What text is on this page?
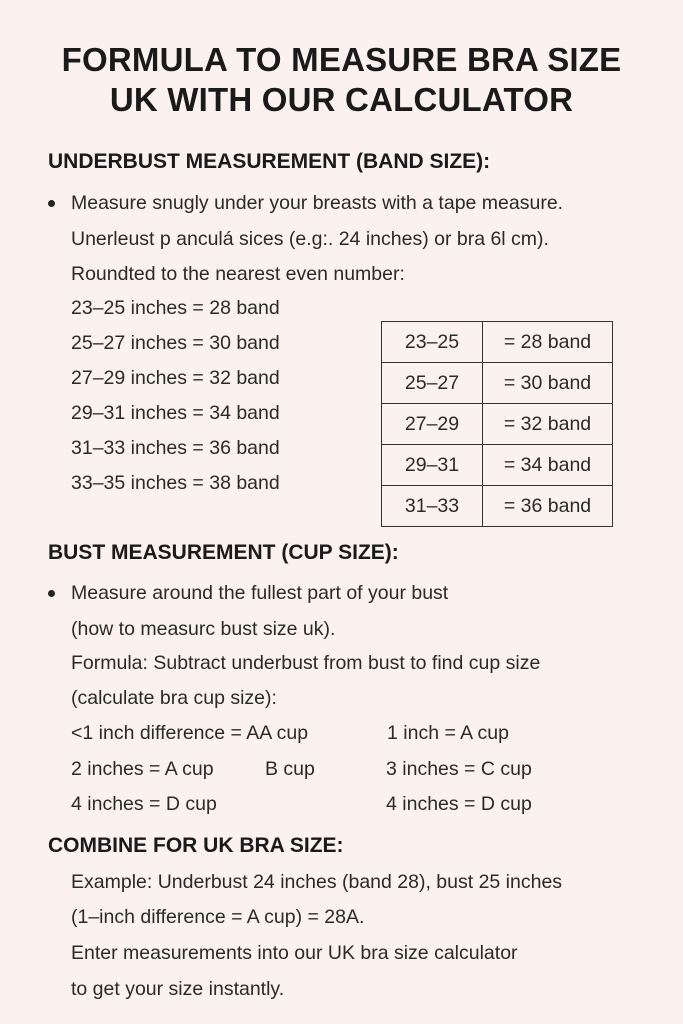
FORMULA TO MEASURE BRA SIZE
UK WITH OUR CALCULATOR
UNDERBUST MEASUREMENT (BAND SIZE):
Measure snugly under your breasts with a tape measure.
Unerleust p anculá sices (e.g:. 24 inches) or bra 6l cm).
Roundted to the nearest even number:
23–25 inches = 28 band
25–27 inches = 30 band
27–29 inches = 32 band
29–31 inches = 34 band
31–33 inches = 36 band
33–35 inches = 38 band
23–25	= 28 band
25–27	= 30 band
27–29	= 32 band
29–31	= 34 band
31–33	= 36 band
BUST MEASUREMENT (CUP SIZE):
Measure around the fullest part of your bust
(how to measurc bust size uk).
Formula: Subtract underbust from bust to find cup size
(calculate bra cup size):
<1 inch difference = AA cup	1 inch = A cup
2 inches = A cup	B cup	3 inches = C cup
4 inches = D cup	4 inches = D cup
COMBINE FOR UK BRA SIZE:
Example: Underbust 24 inches (band 28), bust 25 inches
(1–inch difference = A cup) = 28A.
Enter measurements into our UK bra size calculator
to get your size instantly.
